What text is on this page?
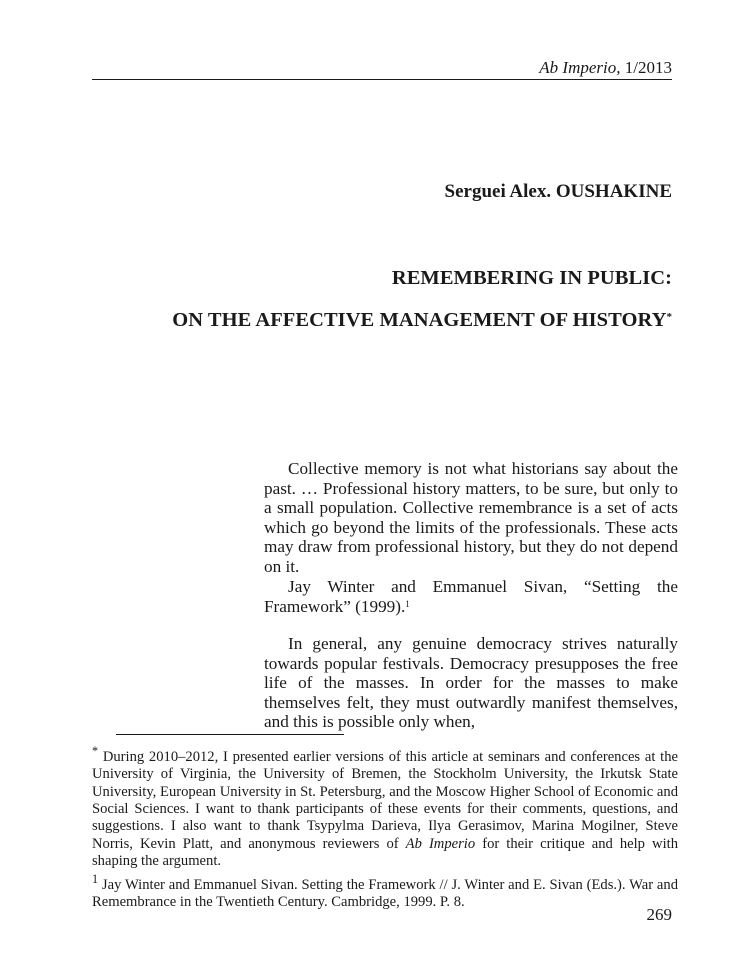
Ab Imperio, 1/2013
Serguei Alex. OUSHAKINE
REMEMBERING IN PUBLIC:
ON THE AFFECTIVE MANAGEMENT OF HISTORY*

Collective memory is not what historians say about the past. … Professional history matters, to be sure, but only to a small population. Collective remembrance is a set of acts which go beyond the limits of the professionals. These acts may draw from professional history, but they do not depend on it.

Jay Winter and Emmanuel Sivan, “Setting the Framework” (1999).$^1$

In general, any genuine democracy strives naturally towards popular festivals. Democracy presupposes the free life of the masses. In order for the masses to make themselves felt, they must outwardly manifest themselves, and this is possible only when,

* During 2010–2012, I presented earlier versions of this article at seminars and conferences at the University of Virginia, the University of Bremen, the Stockholm University, the Irkutsk State University, European University in St. Petersburg, and the Moscow Higher School of Economic and Social Sciences. I want to thank participants of these events for their comments, questions, and suggestions. I also want to thank Tsypylma Darieva, Ilya Gerasimov, Marina Mogilner, Steve Norris, Kevin Platt, and anonymous reviewers of Ab Imperio for their critique and help with shaping the argument.

$^1$ Jay Winter and Emmanuel Sivan. Setting the Framework // J. Winter and E. Sivan (Eds.). War and Remembrance in the Twentieth Century. Cambridge, 1999. P. 8.

269
